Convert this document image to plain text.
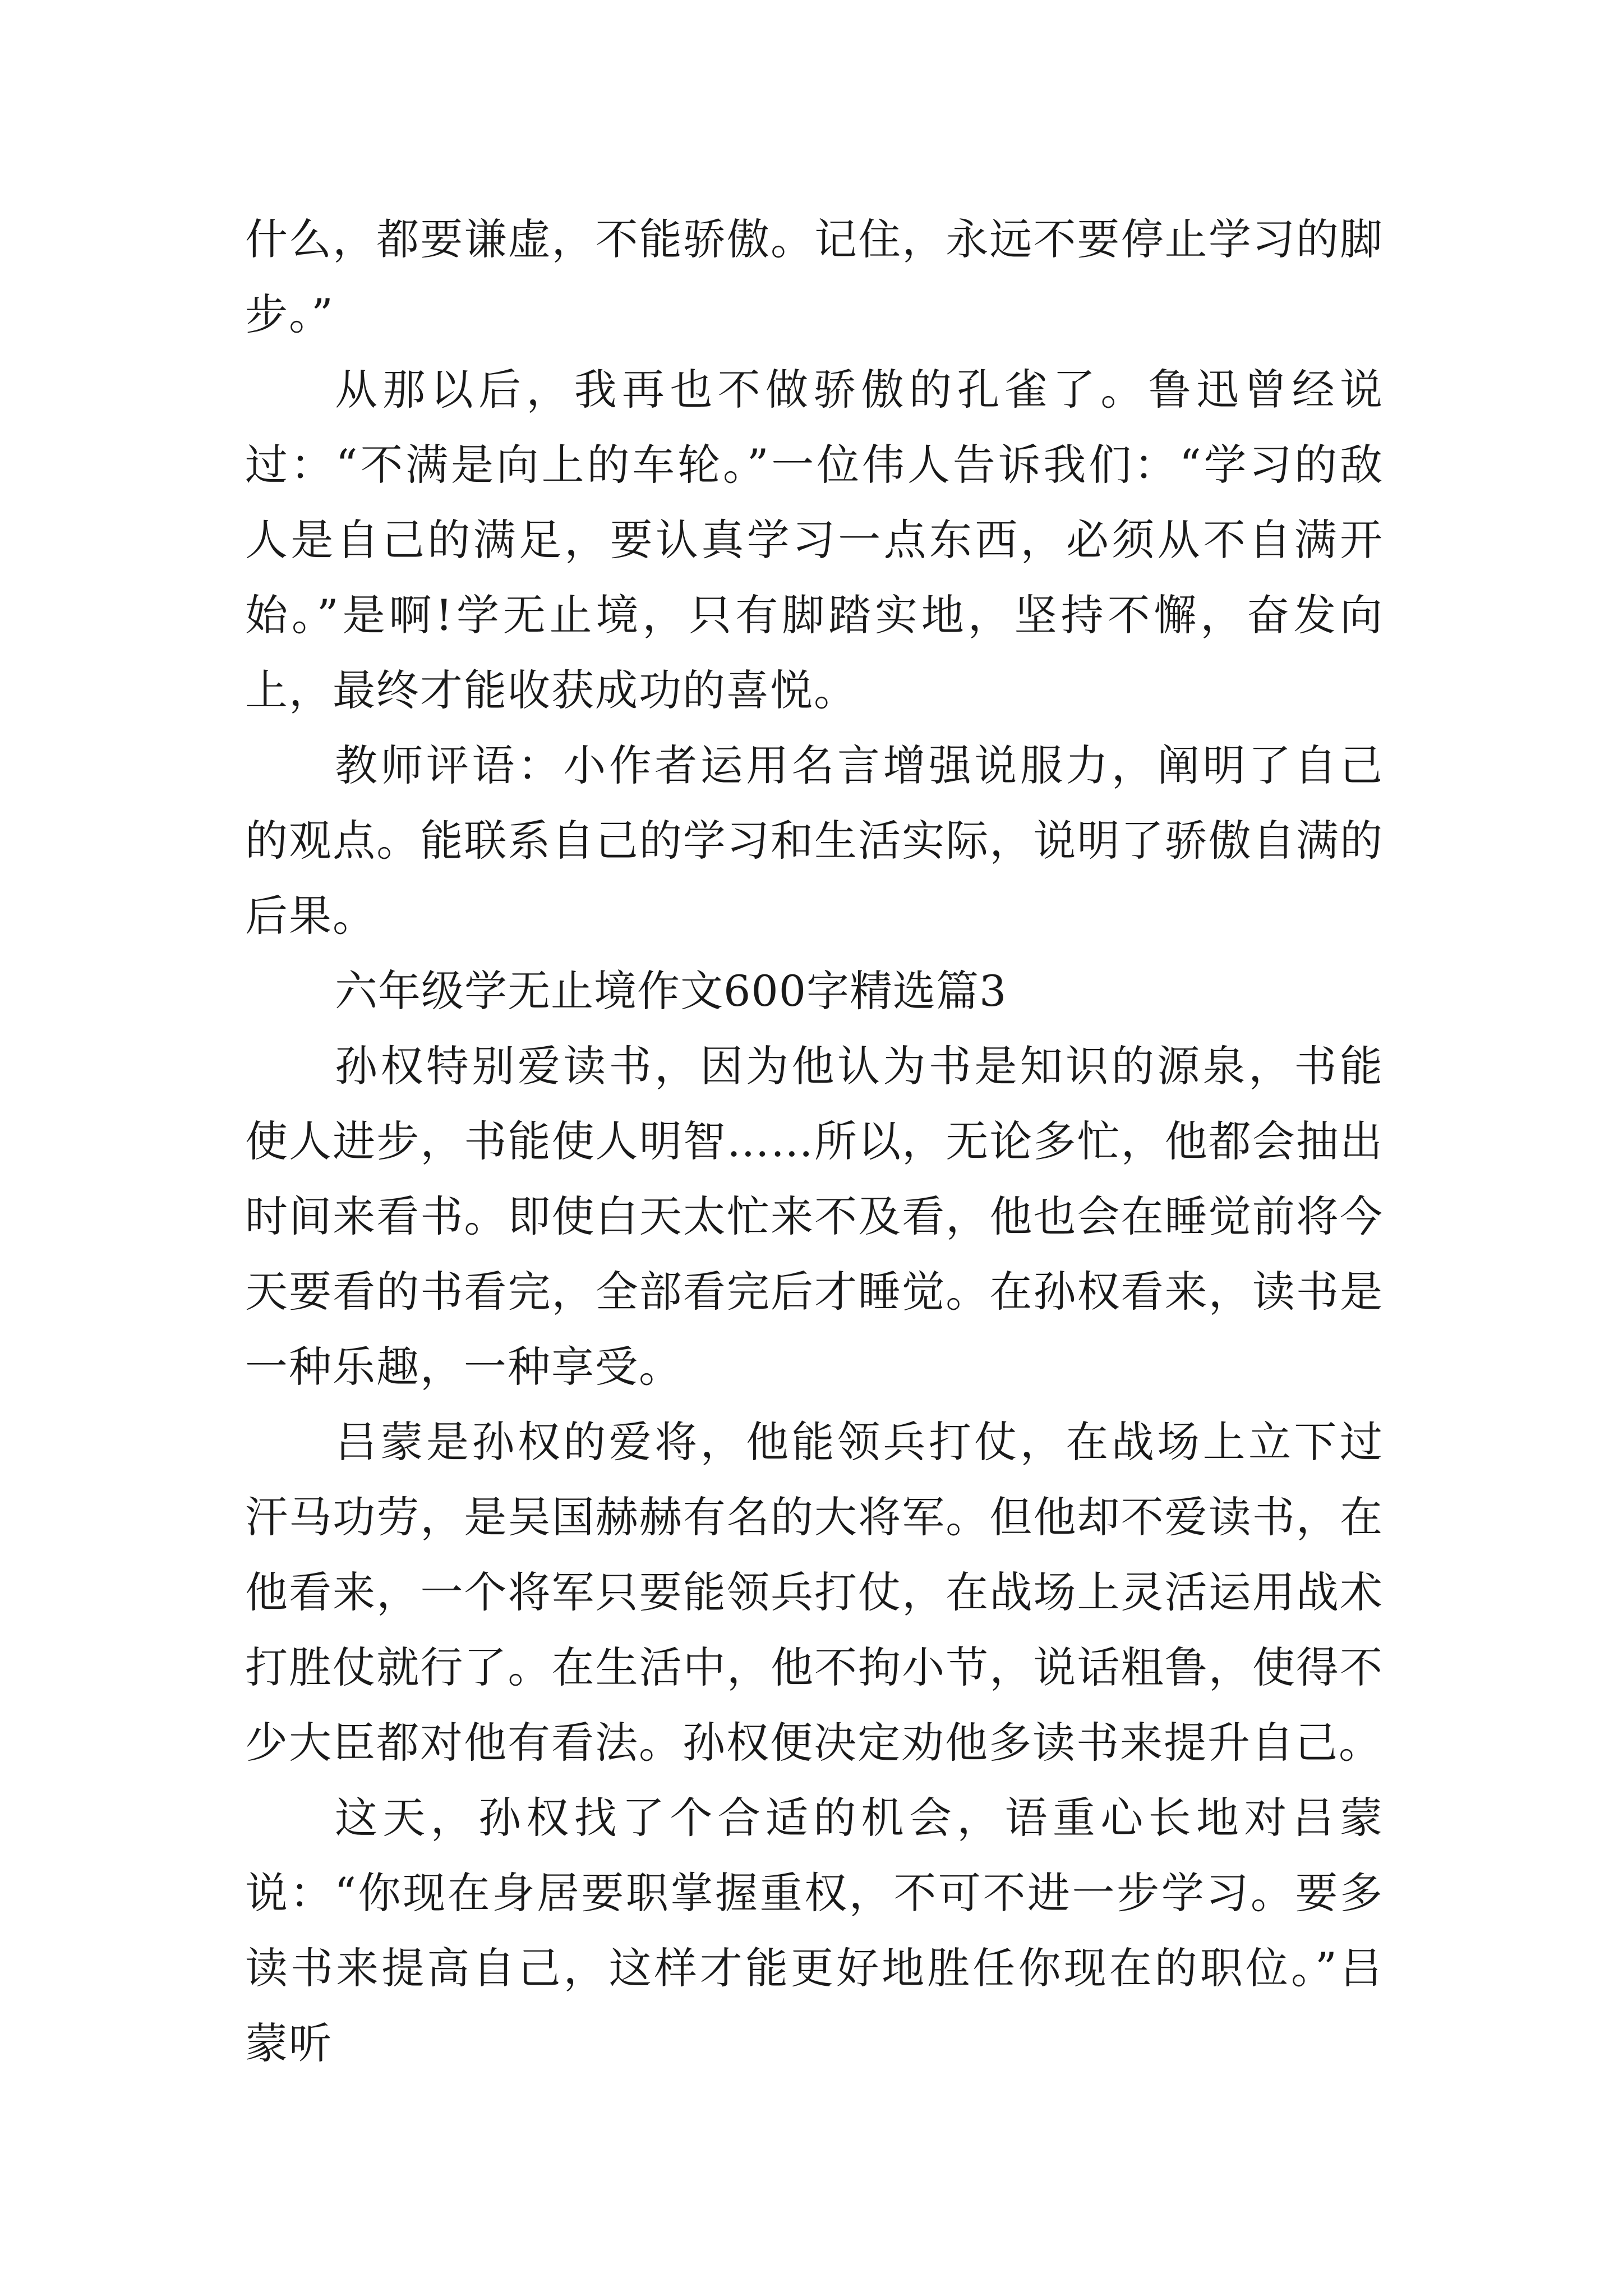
什么，都要谦虚，不能骄傲。记住，永远不要停止学习的脚步。”

从那以后，我再也不做骄傲的孔雀了。鲁迅曾经说过：“不满是向上的车轮。”一位伟人告诉我们：“学习的敌人是自己的满足，要认真学习一点东西，必须从不自满开始。”是啊!学无止境，只有脚踏实地，坚持不懈，奋发向上，最终才能收获成功的喜悦。

教师评语：小作者运用名言增强说服力，阐明了自己的观点。能联系自己的学习和生活实际，说明了骄傲自满的后果。

六年级学无止境作文600字精选篇3

孙权特别爱读书，因为他认为书是知识的源泉，书能使人进步，书能使人明智……所以，无论多忙，他都会抽出时间来看书。即使白天太忙来不及看，他也会在睡觉前将今天要看的书看完，全部看完后才睡觉。在孙权看来，读书是一种乐趣，一种享受。

吕蒙是孙权的爱将，他能领兵打仗，在战场上立下过汗马功劳，是吴国赫赫有名的大将军。但他却不爱读书，在他看来，一个将军只要能领兵打仗，在战场上灵活运用战术打胜仗就行了。在生活中，他不拘小节，说话粗鲁，使得不少大臣都对他有看法。孙权便决定劝他多读书来提升自己。

这天，孙权找了个合适的机会，语重心长地对吕蒙说：“你现在身居要职掌握重权，不可不进一步学习。要多读书来提高自己，这样才能更好地胜任你现在的职位。”吕蒙听
